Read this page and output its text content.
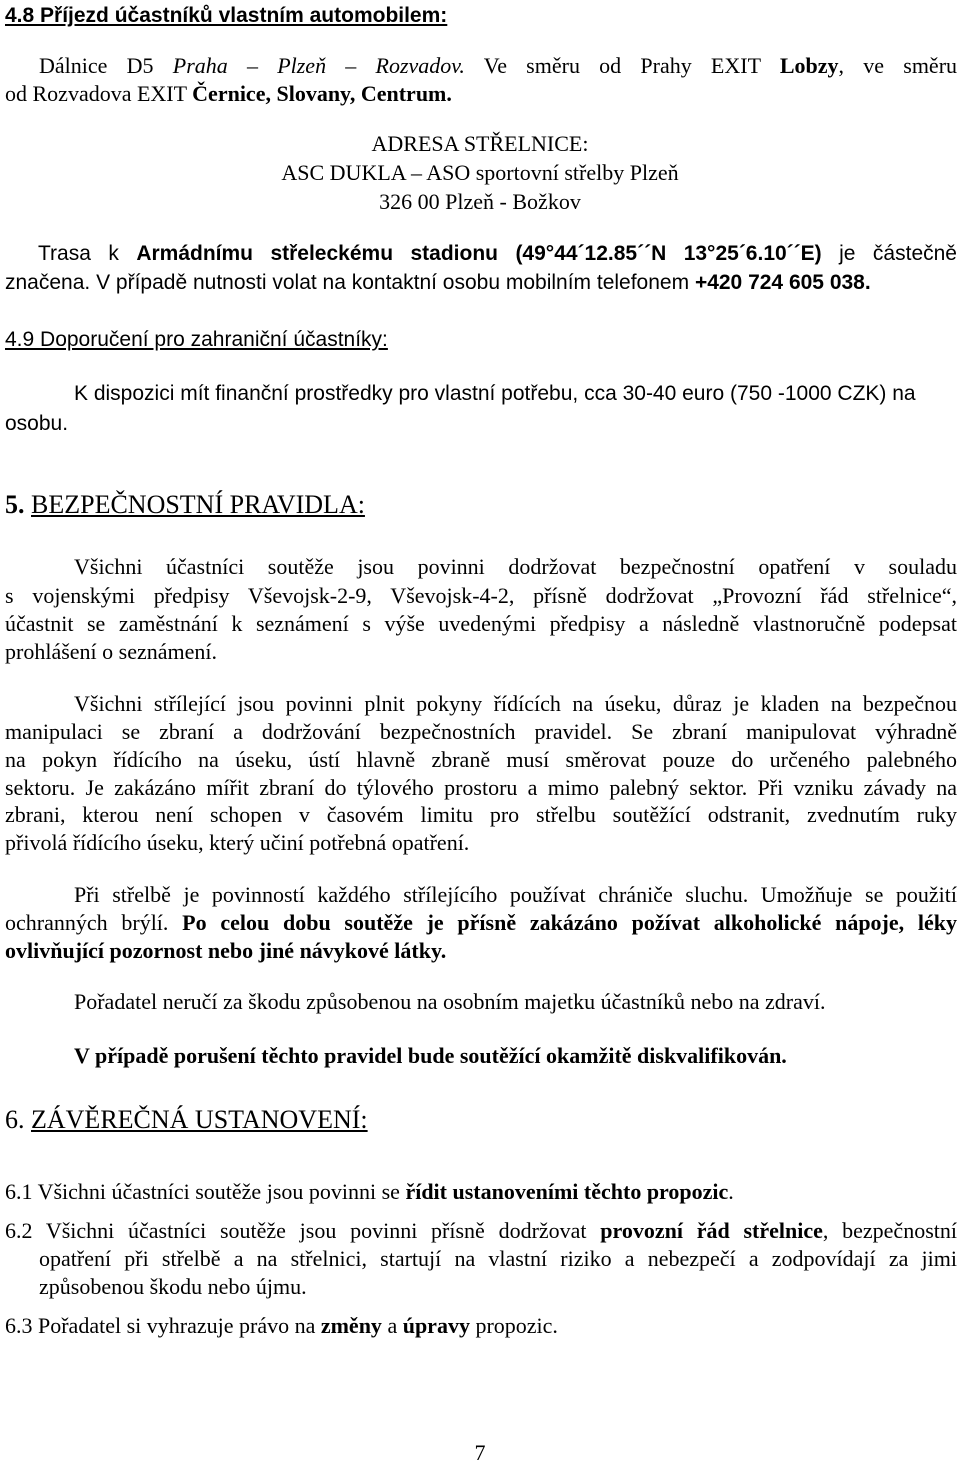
4.8 Příjezd účastníků vlastním automobilem:
Dálnice D5 Praha – Plzeň – Rozvadov. Ve směru od Prahy EXIT Lobzy, ve směru
od Rozvadova EXIT Černice, Slovany, Centrum.
ADRESA STŘELNICE:
ASC DUKLA – ASO sportovní střelby Plzeň
326 00 Plzeň - Božkov
Trasa k Armádnímu střeleckému stadionu (49°44´12.85´´N 13°25´6.10´´E) je částečně
značena. V případě nutnosti volat na kontaktní osobu mobilním telefonem +420 724 605 038.
4.9 Doporučení pro zahraniční účastníky:
K dispozici mít finanční prostředky pro vlastní potřebu, cca 30-40 euro (750 -1000 CZK) na
osobu.
5. BEZPEČNOSTNÍ PRAVIDLA:
Všichni účastníci soutěže jsou povinni dodržovat bezpečnostní opatření v souladu
s vojenskými předpisy Vševojsk-2-9, Vševojsk-4-2, přísně dodržovat „Provozní řád střelnice“,
účastnit se zaměstnání k seznámení s výše uvedenými předpisy a následně vlastnoručně podepsat
prohlášení o seznámení.
Všichni střílející jsou povinni plnit pokyny řídících na úseku, důraz je kladen na bezpečnou
manipulaci se zbraní a dodržování bezpečnostních pravidel. Se zbraní manipulovat výhradně
na pokyn řídícího na úseku, ústí hlavně zbraně musí směrovat pouze do určeného palebného
sektoru. Je zakázáno mířit zbraní do týlového prostoru a mimo palebný sektor. Při vzniku závady na
zbrani, kterou není schopen v časovém limitu pro střelbu soutěžící odstranit, zvednutím ruky
přivolá řídícího úseku, který učiní potřebná opatření.
Při střelbě je povinností každého střílejícího používat chrániče sluchu. Umožňuje se použití
ochranných brýlí. Po celou dobu soutěže je přísně zakázáno požívat alkoholické nápoje, léky
ovlivňující pozornost nebo jiné návykové látky.
Pořadatel neručí za škodu způsobenou na osobním majetku účastníků nebo na zdraví.
V případě porušení těchto pravidel bude soutěžící okamžitě diskvalifikován.
6. ZÁVĚREČNÁ USTANOVENÍ:
6.1 Všichni účastníci soutěže jsou povinni se řídit ustanoveními těchto propozic.
6.2 Všichni účastníci soutěže jsou povinni přísně dodržovat provozní řád střelnice, bezpečnostní
opatření při střelbě a na střelnici, startují na vlastní riziko a nebezpečí a zodpovídají za jimi
způsobenou škodu nebo újmu.
6.3 Pořadatel si vyhrazuje právo na změny a úpravy propozic.
7
